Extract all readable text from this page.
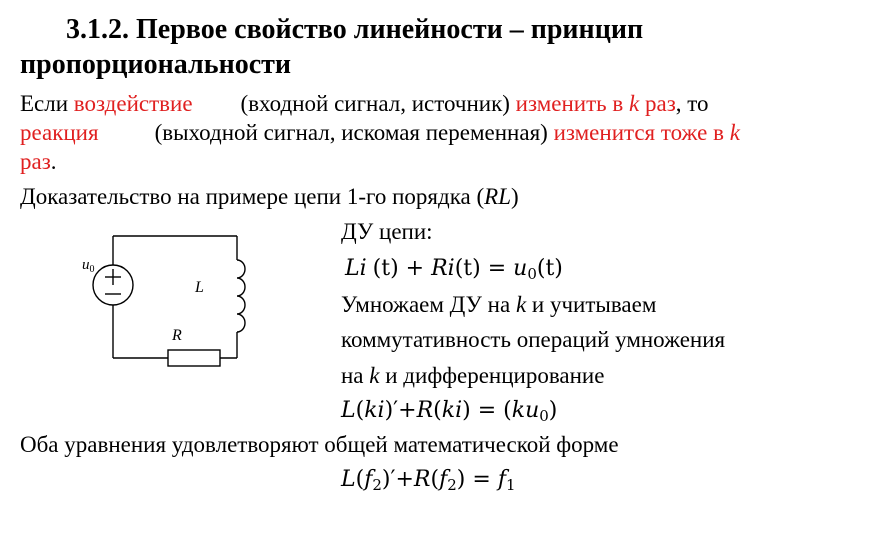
3.1.2. Первое свойство линейности – принцип
пропорциональности
Если воздействие (входной сигнал, источник) изменить в k раз, то
реакция (выходной сигнал, искомая переменная) изменится тоже в k
раз.
Доказательство на примере цепи 1-го порядка (RL)
$u_0$
L
R
ДУ цепи:
Li $(t) + Ri(t) = u_0(t)$
Умножаем ДУ на k и учитываем
коммутативность операций умножения
на k и дифференцирование
$L(ki)'+R(ki) = (ku_0)$
Оба уравнения удовлетворяют общей математической форме
$L(f_2)'+R(f_2) = f_1$
